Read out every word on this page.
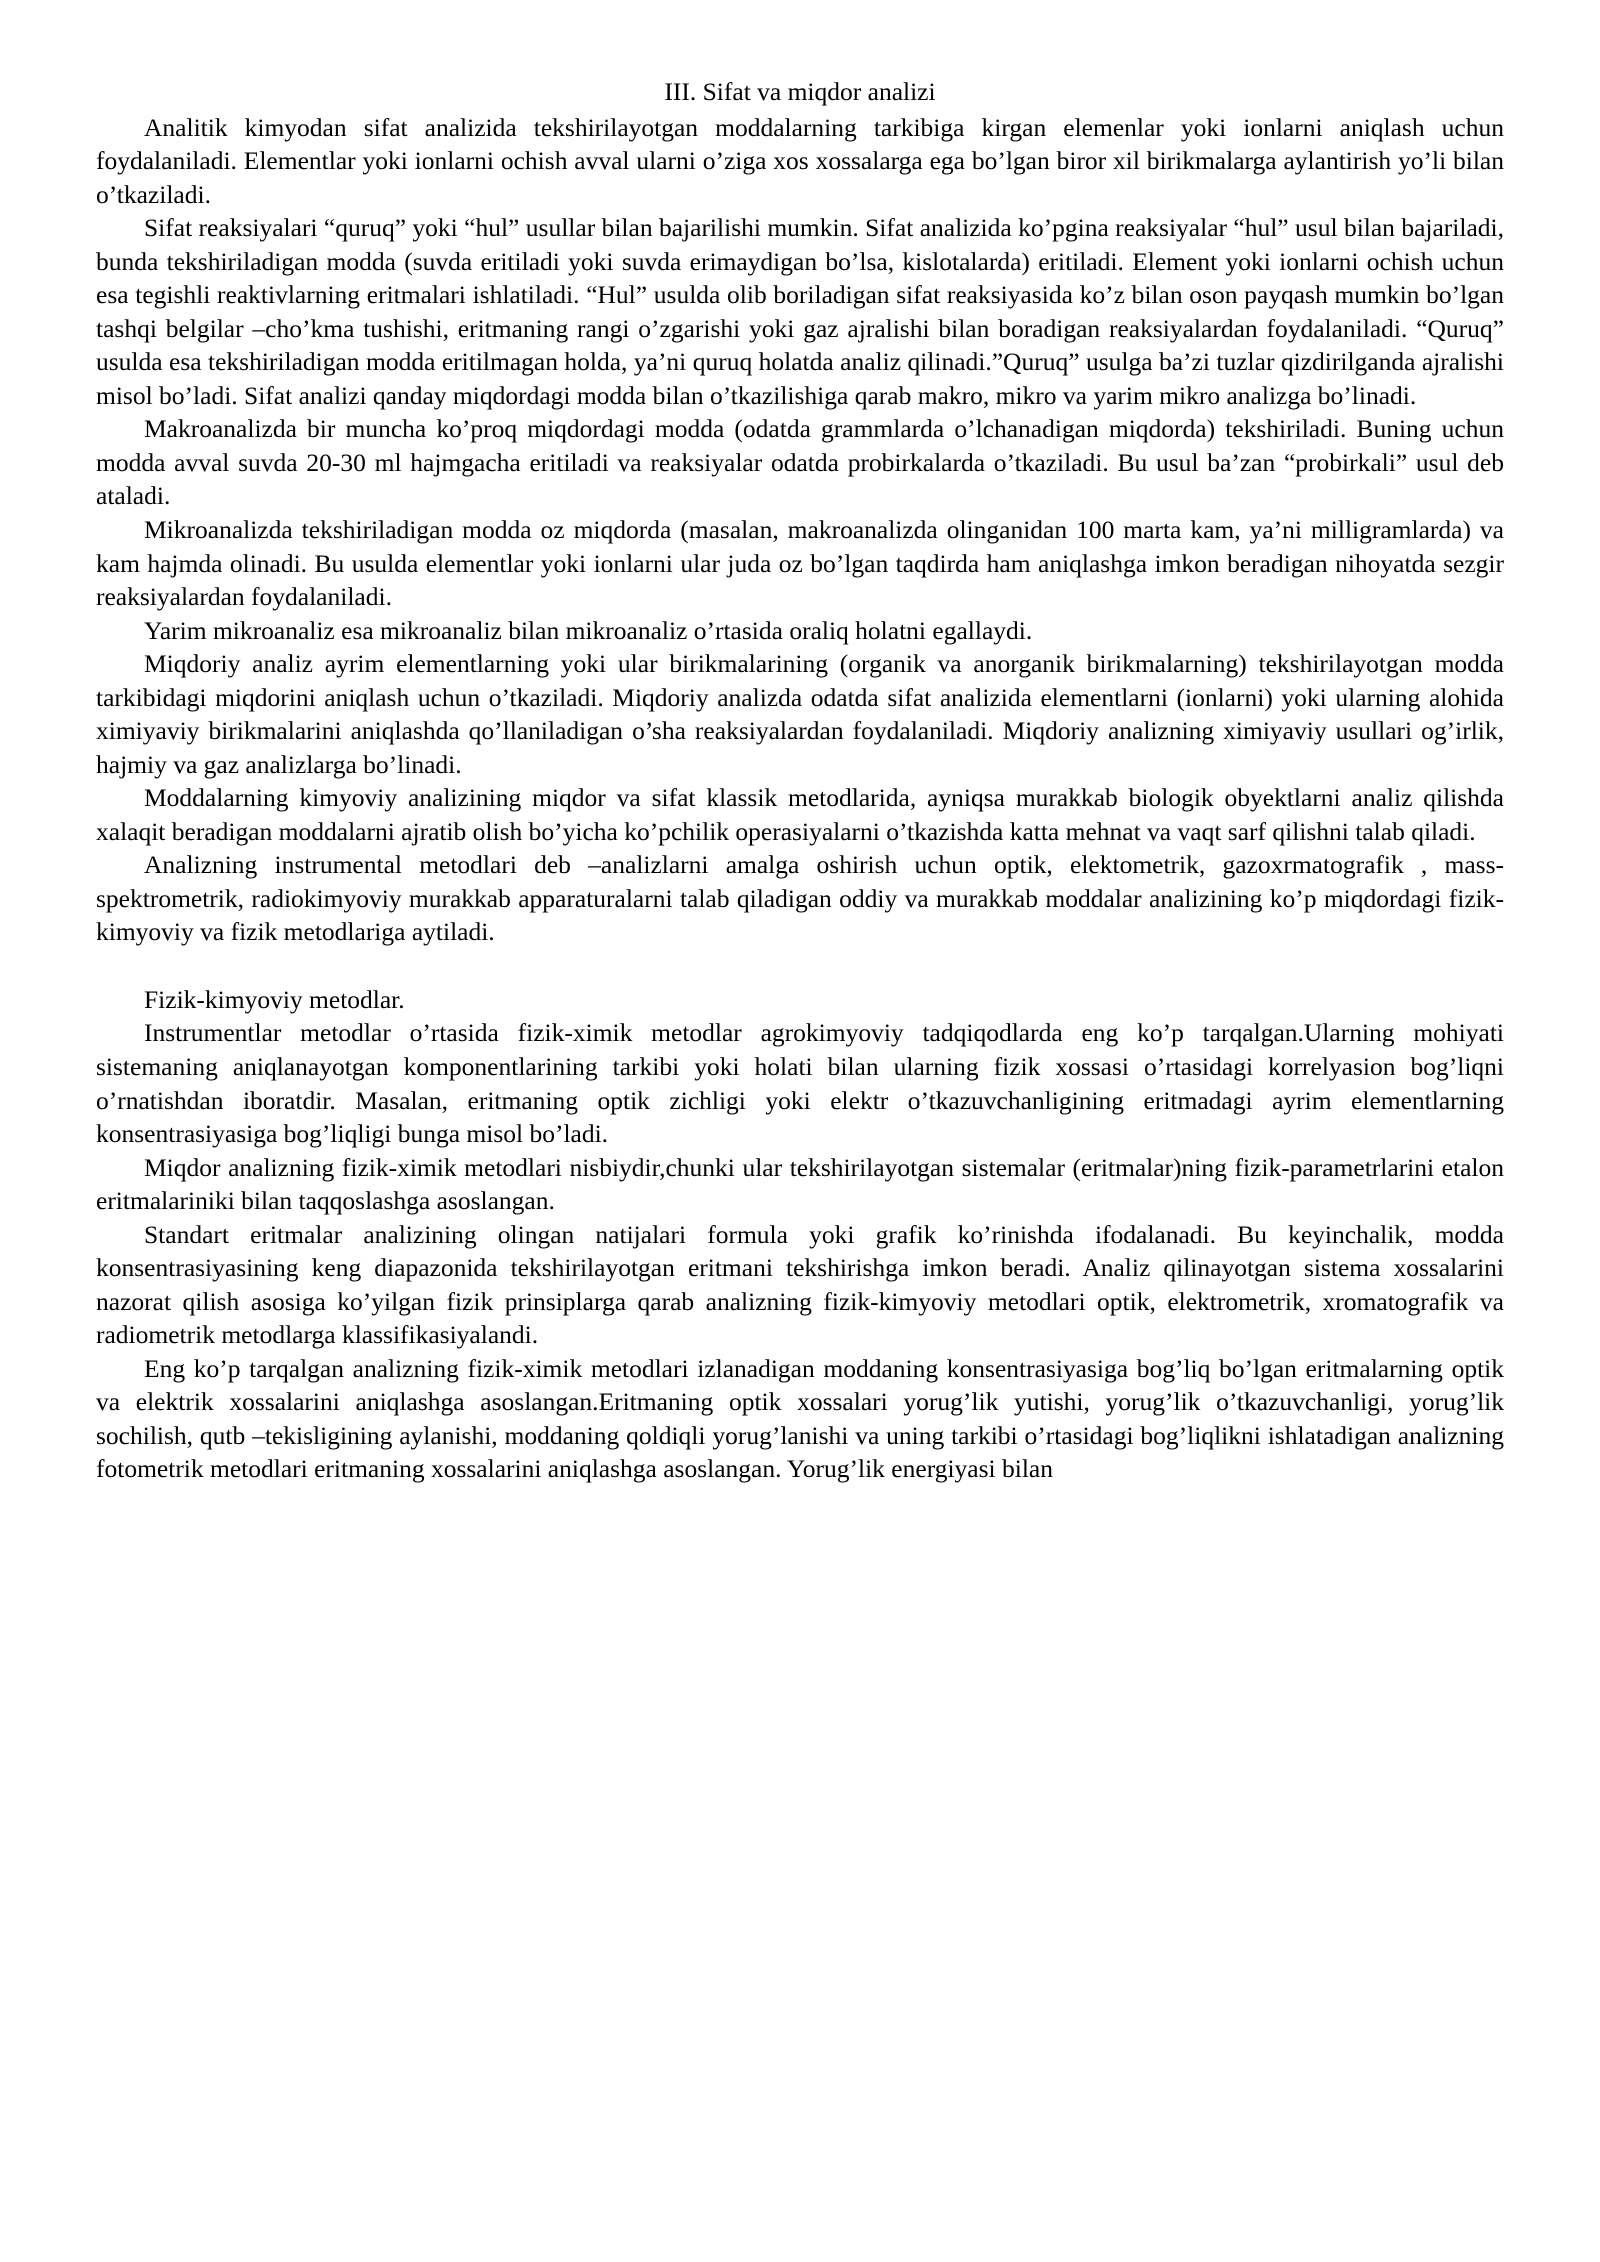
III. Sifat va miqdor analizi

Analitik kimyodan sifat analizida tekshirilayotgan moddalarning tarkibiga kirgan elemenlar yoki ionlarni aniqlash uchun foydalaniladi. Elementlar yoki ionlarni ochish avval ularni o’ziga xos xossalarga ega bo’lgan biror xil birikmalarga aylantirish yo’li bilan o’tkaziladi.

Sifat reaksiyalari “quruq” yoki “hul” usullar bilan bajarilishi mumkin. Sifat analizida ko’pgina reaksiyalar “hul” usul bilan bajariladi, bunda tekshiriladigan modda (suvda eritiladi yoki suvda erimaydigan bo’lsa, kislotalarda) eritiladi. Element yoki ionlarni ochish uchun esa tegishli reaktivlarning eritmalari ishlatiladi. “Hul” usulda olib boriladigan sifat reaksiyasida ko’z bilan oson payqash mumkin bo’lgan tashqi belgilar –cho’kma tushishi, eritmaning rangi o’zgarishi yoki gaz ajralishi bilan boradigan reaksiyalardan foydalaniladi. “Quruq” usulda esa tekshiriladigan modda eritilmagan holda, ya’ni quruq holatda analiz qilinadi.”Quruq” usulga ba’zi tuzlar qizdirilganda ajralishi misol bo’ladi. Sifat analizi qanday miqdordagi modda bilan o’tkazilishiga qarab makro, mikro va yarim mikro analizga bo’linadi.

Makroanalizda bir muncha ko’proq miqdordagi modda (odatda grammlarda o’lchanadigan miqdorda) tekshiriladi. Buning uchun modda avval suvda 20-30 ml hajmgacha eritiladi va reaksiyalar odatda probirkalarda o’tkaziladi. Bu usul ba’zan “probirkali” usul deb ataladi.

Mikroanalizda tekshiriladigan modda oz miqdorda (masalan, makroanalizda olinganidan 100 marta kam, ya’ni milligramlarda) va kam hajmda olinadi. Bu usulda elementlar yoki ionlarni ular juda oz bo’lgan taqdirda ham aniqlashga imkon beradigan nihoyatda sezgir reaksiyalardan foydalaniladi.

Yarim mikroanaliz esa mikroanaliz bilan mikroanaliz o’rtasida oraliq holatni egallaydi.

Miqdoriy analiz ayrim elementlarning yoki ular birikmalarining (organik va anorganik birikmalarning) tekshirilayotgan modda tarkibidagi miqdorini aniqlash uchun o’tkaziladi. Miqdoriy analizda odatda sifat analizida elementlarni (ionlarni) yoki ularning alohida ximiyaviy birikmalarini aniqlashda qo’llaniladigan o’sha reaksiyalardan foydalaniladi. Miqdoriy analizning ximiyaviy usullari og’irlik, hajmiy va gaz analizlarga bo’linadi.

Moddalarning kimyoviy analizining miqdor va sifat klassik metodlarida, ayniqsa murakkab biologik obyektlarni analiz qilishda xalaqit beradigan moddalarni ajratib olish bo’yicha ko’pchilik operasiyalarni o’tkazishda katta mehnat va vaqt sarf qilishni talab qiladi.

Analizning instrumental metodlari deb –analizlarni amalga oshirish uchun optik, elektometrik, gazoxrmatografik , mass-spektrometrik, radiokimyoviy murakkab apparaturalarni talab qiladigan oddiy va murakkab moddalar analizining ko’p miqdordagi fizik-kimyoviy va fizik metodlariga aytiladi.

Fizik-kimyoviy metodlar.

Instrumentlar metodlar o’rtasida fizik-ximik metodlar agrokimyoviy tadqiqodlarda eng ko’p tarqalgan.Ularning mohiyati sistemaning aniqlanayotgan komponentlarining tarkibi yoki holati bilan ularning fizik xossasi o’rtasidagi korrelyasion bog’liqni o’rnatishdan iboratdir. Masalan, eritmaning optik zichligi yoki elektr o’tkazuvchanligining eritmadagi ayrim elementlarning konsentrasiyasiga bog’liqligi bunga misol bo’ladi.

Miqdor analizning fizik-ximik metodlari nisbiydir,chunki ular tekshirilayotgan sistemalar (eritmalar)ning fizik-parametrlarini etalon eritmalariniki bilan taqqoslashga asoslangan.

Standart eritmalar analizining olingan natijalari formula yoki grafik ko’rinishda ifodalanadi. Bu keyinchalik, modda konsentrasiyasining keng diapazonida tekshirilayotgan eritmani tekshirishga imkon beradi. Analiz qilinayotgan sistema xossalarini nazorat qilish asosiga ko’yilgan fizik prinsiplarga qarab analizning fizik-kimyoviy metodlari optik, elektrometrik, xromatografik va radiometrik metodlarga klassifikasiyalandi.

Eng ko’p tarqalgan analizning fizik-ximik metodlari izlanadigan moddaning konsentrasiyasiga bog’liq bo’lgan eritmalarning optik va elektrik xossalarini aniqlashga asoslangan.Eritmaning optik xossalari yorug’lik yutishi, yorug’lik o’tkazuvchanligi, yorug’lik sochilish, qutb –tekisligining aylanishi, moddaning qoldiqli yorug’lanishi va uning tarkibi o’rtasidagi bog’liqlikni ishlatadigan analizning fotometrik metodlari eritmaning xossalarini aniqlashga asoslangan. Yorug’lik energiyasi bilan
